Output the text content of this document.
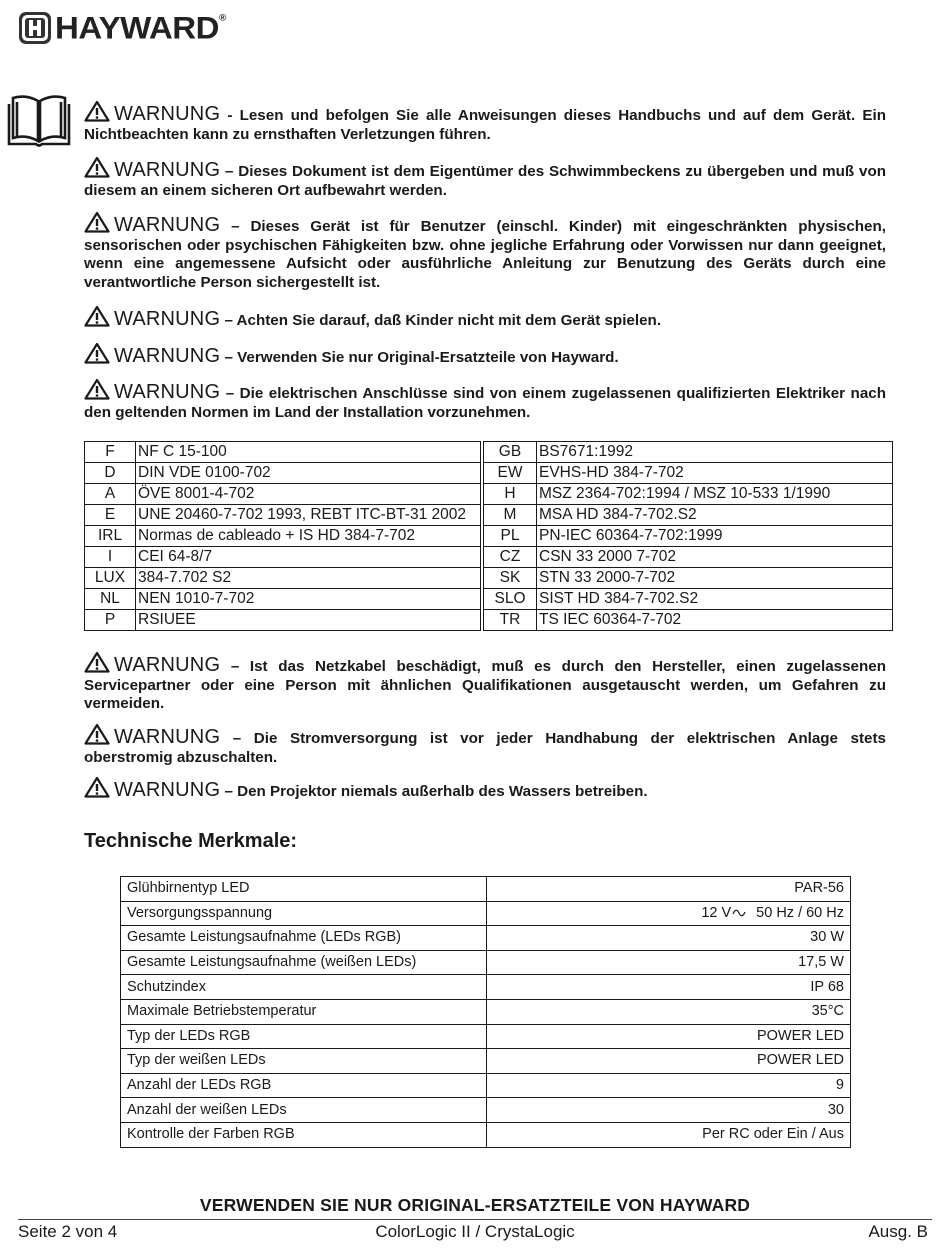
HAYWARD®
WARNUNG - Lesen und befolgen Sie alle Anweisungen dieses Handbuchs und auf dem Gerät. Ein Nichtbeachten kann zu ernsthaften Verletzungen führen.
WARNUNG – Dieses Dokument ist dem Eigentümer des Schwimmbeckens zu übergeben und muß von diesem an einem sicheren Ort aufbewahrt werden.
WARNUNG – Dieses Gerät ist für Benutzer (einschl. Kinder) mit eingeschränkten physischen, sensorischen oder psychischen Fähigkeiten bzw. ohne jegliche Erfahrung oder Vorwissen nur dann geeignet, wenn eine angemessene Aufsicht oder ausführliche Anleitung zur Benutzung des Geräts durch eine verantwortliche Person sichergestellt ist.
WARNUNG – Achten Sie darauf, daß Kinder nicht mit dem Gerät spielen.
WARNUNG – Verwenden Sie nur Original-Ersatzteile von Hayward.
WARNUNG – Die elektrischen Anschlüsse sind von einem zugelassenen qualifizierten Elektriker nach den geltenden Normen im Land der Installation vorzunehmen.
F	NF C 15-100		GB	BS7671:1992
D	DIN VDE 0100-702		EW	EVHS-HD 384-7-702
A	ÖVE 8001-4-702		H	MSZ 2364-702:1994 / MSZ 10-533 1/1990
E	UNE 20460-7-702 1993, REBT ITC-BT-31 2002		M	MSA HD 384-7-702.S2
IRL	Normas de cableado + IS HD 384-7-702		PL	PN-IEC 60364-7-702:1999
I	CEI 64-8/7		CZ	CSN 33 2000 7-702
LUX	384-7.702 S2		SK	STN 33 2000-7-702
NL	NEN 1010-7-702		SLO	SIST HD 384-7-702.S2
P	RSIUEE		TR	TS IEC 60364-7-702
WARNUNG – Ist das Netzkabel beschädigt, muß es durch den Hersteller, einen zugelassenen Servicepartner oder eine Person mit ähnlichen Qualifikationen ausgetauscht werden, um Gefahren zu vermeiden.
WARNUNG – Die Stromversorgung ist vor jeder Handhabung der elektrischen Anlage stets oberstromig abzuschalten.
WARNUNG – Den Projektor niemals außerhalb des Wassers betreiben.
Technische Merkmale:
Glühbirnentyp LED	PAR-56
Versorgungsspannung	12 V 50 Hz / 60 Hz
Gesamte Leistungsaufnahme (LEDs RGB)	30 W
Gesamte Leistungsaufnahme (weißen LEDs)	17,5 W
Schutzindex	IP 68
Maximale Betriebstemperatur	35°C
Typ der LEDs RGB	POWER LED
Typ der weißen LEDs	POWER LED
Anzahl der LEDs RGB	9
Anzahl der weißen LEDs	30
Kontrolle der Farben RGB	Per RC oder Ein / Aus
VERWENDEN SIE NUR ORIGINAL-ERSATZTEILE VON HAYWARD
Seite 2 von 4	ColorLogic II / CrystaLogic	Ausg. B
